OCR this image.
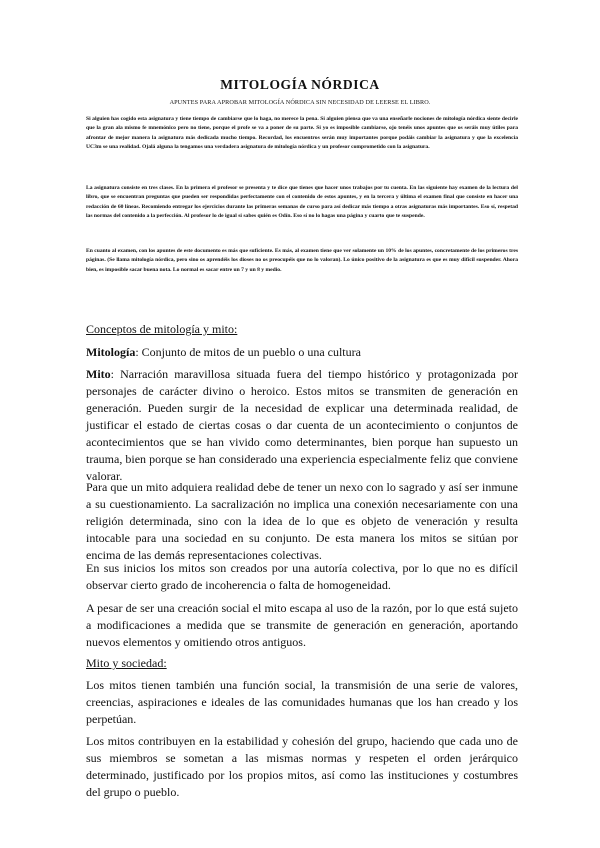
MITOLOGÍA NÓRDICA

APUNTES PARA APROBAR MITOLOGÍA NÓRDICA SIN NECESIDAD DE LEERSE EL LIBRO.

Si alguien has cogido esta asignatura y tiene tiempo de cambiarse que lo haga, no merece la pena. Si alguien piensa que va una enseñarle nociones de mitología nórdica siente decirle que la gran ala mismo fe mnemónico pero no tiene, porque el profe se va a poner de su parte. Si yo es imposible cambiarse, ojo tenéis unos apuntes que os seráis muy útiles para afrontar de mejor manera la asignatura más dedicada mucho tiempo. Recordad, los encuentros serán muy importantes porque podáis cambiar la asignatura y que la excelencia UC3m se una realidad. Ojalá alguna la tengamos una verdadera asignatura de mitología nórdica y un profesor comprometido con la asignatura.

La asignatura consiste en tres clases. En la primera el profesor se presenta y te dice que tienes que hacer unos trabajos por tu cuenta. En las siguiente hay examen de la lectura del libro, que se encuentran preguntas que pueden ser respondidas perfectamente con el contenido de estos apuntes, y en la tercera y última el examen final que consiste en hacer una redacción de 60 líneas. Recomiendo entregar los ejercicios durante las primeras semanas de curso para así dedicar más tiempo a otras asignaturas más importantes. Eso sí, respetad las normas del contenido a la perfección. Al profesor lo de igual si sabes quién es Odín. Eso sí no lo hagas una página y cuarto que te suspende.

En cuanto al examen, con los apuntes de este documento es más que suficiente. Es más, al examen tiene que ver solamente un 10% de los apuntes, concretamente de los primeros tres páginas. (Se llama mitología nórdica, pero sino os aprendéis los dioses no os preocupéis que no lo valoran). Lo único positivo de la asignatura es que es muy difícil suspender. Ahora bien, es imposible sacar buena nota. Lo normal es sacar entre un 7 y un 8 y medio.

Conceptos de mitología y mito:

Mitología: Conjunto de mitos de un pueblo o una cultura

Mito: Narración maravillosa situada fuera del tiempo histórico y protagonizada por personajes de carácter divino o heroico. Estos mitos se transmiten de generación en generación. Pueden surgir de la necesidad de explicar una determinada realidad, de justificar el estado de ciertas cosas o dar cuenta de un acontecimiento o conjuntos de acontecimientos que se han vivido como determinantes, bien porque han supuesto un trauma, bien porque se han considerado una experiencia especialmente feliz que conviene valorar.

Para que un mito adquiera realidad debe de tener un nexo con lo sagrado y así ser inmune a su cuestionamiento. La sacralización no implica una conexión necesariamente con una religión determinada, sino con la idea de lo que es objeto de veneración y resulta intocable para una sociedad en su conjunto. De esta manera los mitos se sitúan por encima de las demás representaciones colectivas.

En sus inicios los mitos son creados por una autoría colectiva, por lo que no es difícil observar cierto grado de incoherencia o falta de homogeneidad.

A pesar de ser una creación social el mito escapa al uso de la razón, por lo que está sujeto a modificaciones a medida que se transmite de generación en generación, aportando nuevos elementos y omitiendo otros antiguos.

Mito y sociedad:

Los mitos tienen también una función social, la transmisión de una serie de valores, creencias, aspiraciones e ideales de las comunidades humanas que los han creado y los perpetúan.

Los mitos contribuyen en la estabilidad y cohesión del grupo, haciendo que cada uno de sus miembros se sometan a las mismas normas y respeten el orden jerárquico determinado, justificado por los propios mitos, así como las instituciones y costumbres del grupo o pueblo.
